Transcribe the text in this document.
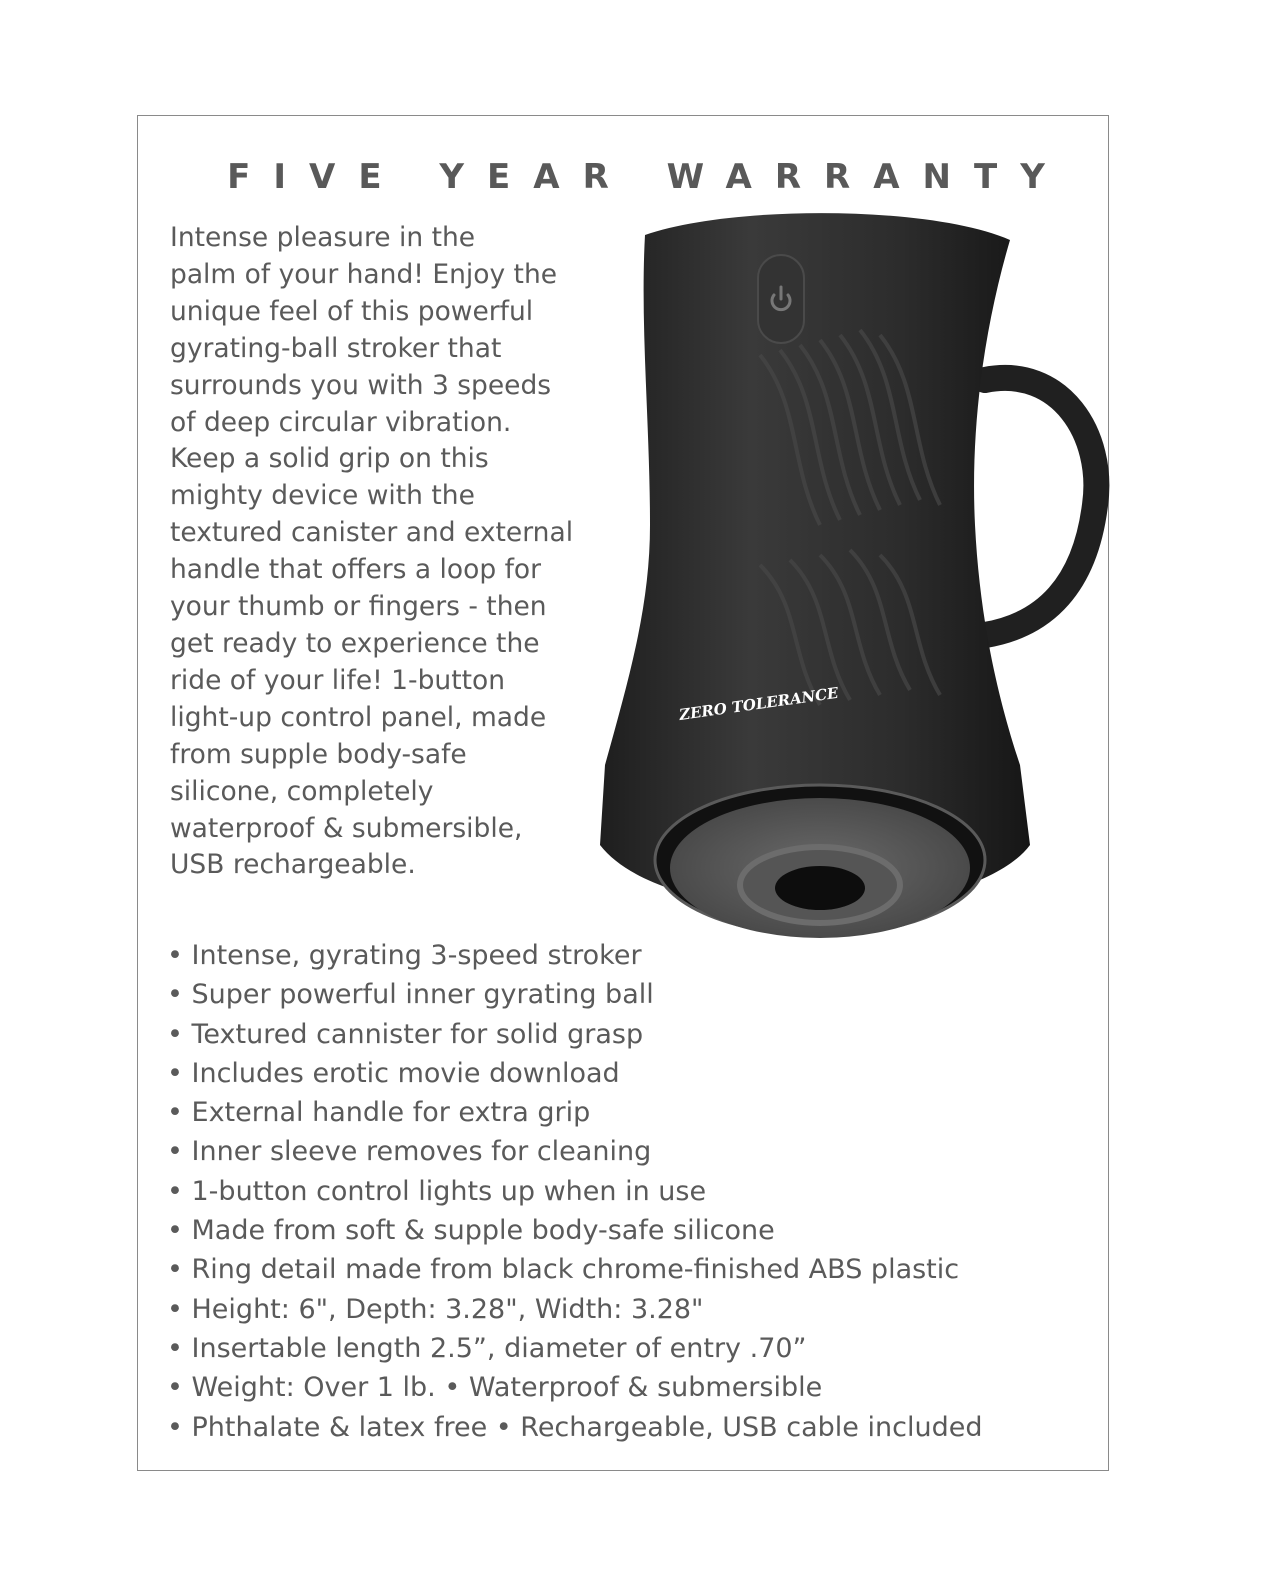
FIVE YEAR WARRANTY
Intense pleasure in the
palm of your hand! Enjoy the
unique feel of this powerful
gyrating-ball stroker that
surrounds you with 3 speeds
of deep circular vibration.
Keep a solid grip on this
mighty device with the
textured canister and external
handle that offers a loop for
your thumb or fingers - then
get ready to experience the
ride of your life! 1-button
light-up control panel, made
from supple body-safe
silicone, completely
waterproof & submersible,
USB rechargeable.
ZERO TOLERANCE
• Intense, gyrating 3-speed stroker
• Super powerful inner gyrating ball
• Textured cannister for solid grasp
• Includes erotic movie download
• External handle for extra grip
• Inner sleeve removes for cleaning
• 1-button control lights up when in use
• Made from soft & supple body-safe silicone
• Ring detail made from black chrome-finished ABS plastic
• Height: 6", Depth: 3.28", Width: 3.28"
• Insertable length 2.5”, diameter of entry .70”
• Weight: Over 1 lb. • Waterproof & submersible
• Phthalate & latex free • Rechargeable, USB cable included
